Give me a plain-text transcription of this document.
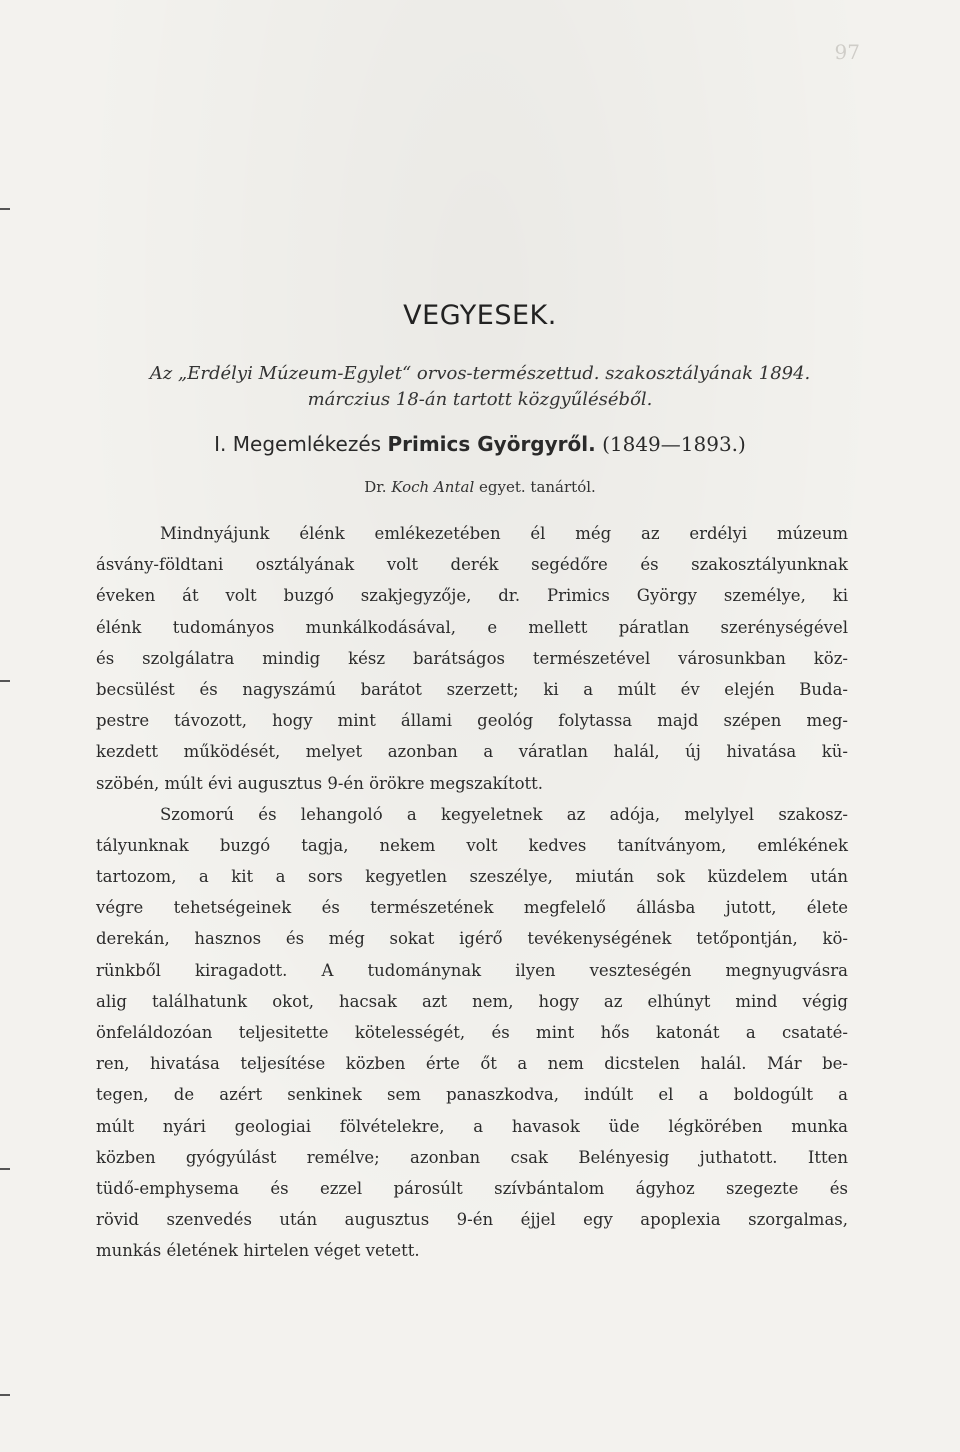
97
VEGYESEK.
Az „Erdélyi Múzeum-Egylet“ orvos-természettud. szakosztályának 1894.
márczius 18-án tartott közgyűléséből.
I. Megemlékezés Primics Györgyről. (1849—1893.)
Dr. Koch Antal egyet. tanártól.
Mindnyájunk élénk emlékezetében él még az erdélyi múzeum
ásvány-földtani osztályának volt derék segédőre és szakosztályunknak
éveken át volt buzgó szakjegyzője, dr. Primics György személye, ki
élénk tudományos munkálkodásával, e mellett páratlan szerénységével
és szolgálatra mindig kész barátságos természetével városunkban köz-
becsülést és nagyszámú barátot szerzett; ki a múlt év elején Buda-
pestre távozott, hogy mint állami geológ folytassa majd szépen meg-
kezdett működését, melyet azonban a váratlan halál, új hivatása kü-
szöbén, múlt évi augusztus 9-én örökre megszakított.
Szomorú és lehangoló a kegyeletnek az adója, melylyel szakosz-
tályunknak buzgó tagja, nekem volt kedves tanítványom, emlékének
tartozom, a kit a sors kegyetlen szeszélye, miután sok küzdelem után
végre tehetségeinek és természetének megfelelő állásba jutott, élete
derekán, hasznos és még sokat igérő tevékenységének tetőpontján, kö-
rünkből kiragadott. A tudománynak ilyen veszteségén megnyugvásra
alig találhatunk okot, hacsak azt nem, hogy az elhúnyt mind végig
önfeláldozóan teljesitette kötelességét, és mint hős katonát a csataté-
ren, hivatása teljesítése közben érte őt a nem dicstelen halál. Már be-
tegen, de azért senkinek sem panaszkodva, indúlt el a boldogúlt a
múlt nyári geologiai fölvételekre, a havasok üde légkörében munka
közben gyógyúlást remélve; azonban csak Belényesig juthatott. Itten
tüdő-emphysema és ezzel párosúlt szívbántalom ágyhoz szegezte és
rövid szenvedés után augusztus 9-én éjjel egy apoplexia szorgalmas,
munkás életének hirtelen véget vetett.
